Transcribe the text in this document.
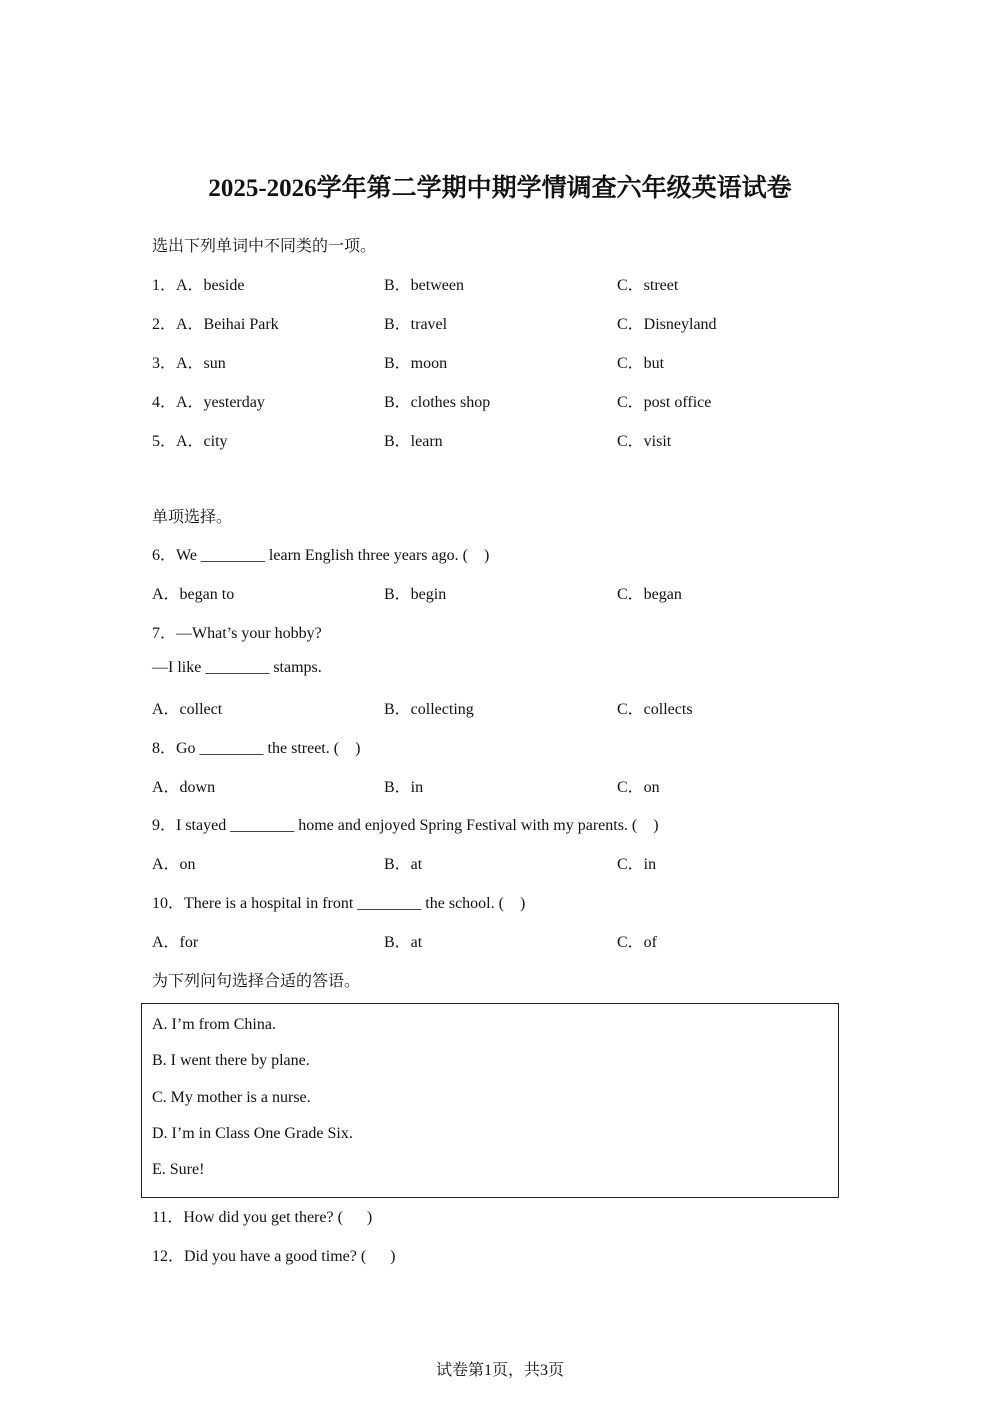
2025-2026学年第二学期中期学情调查六年级英语试卷
选出下列单词中不同类的一项。
1．A．beside	B．between	C．street
2．A．Beihai Park	B．travel	C．Disneyland
3．A．sun	B．moon	C．but
4．A．yesterday	B．clothes shop	C．post office
5．A．city	B．learn	C．visit
单项选择。
6．We ________ learn English three years ago. (    )
A．began to	B．begin	C．began
7．—What’s your hobby?
—I like ________ stamps.
A．collect	B．collecting	C．collects
8．Go ________ the street. (    )
A．down	B．in	C．on
9．I stayed ________ home and enjoyed Spring Festival with my parents. (    )
A．on	B．at	C．in
10．There is a hospital in front ________ the school. (    )
A．for	B．at	C．of
为下列问句选择合适的答语。
A. I’m from China.
B. I went there by plane.
C. My mother is a nurse.
D. I’m in Class One Grade Six.
E. Sure!
11．How did you get there? (      )
12．Did you have a good time? (      )
试卷第1页，共3页
